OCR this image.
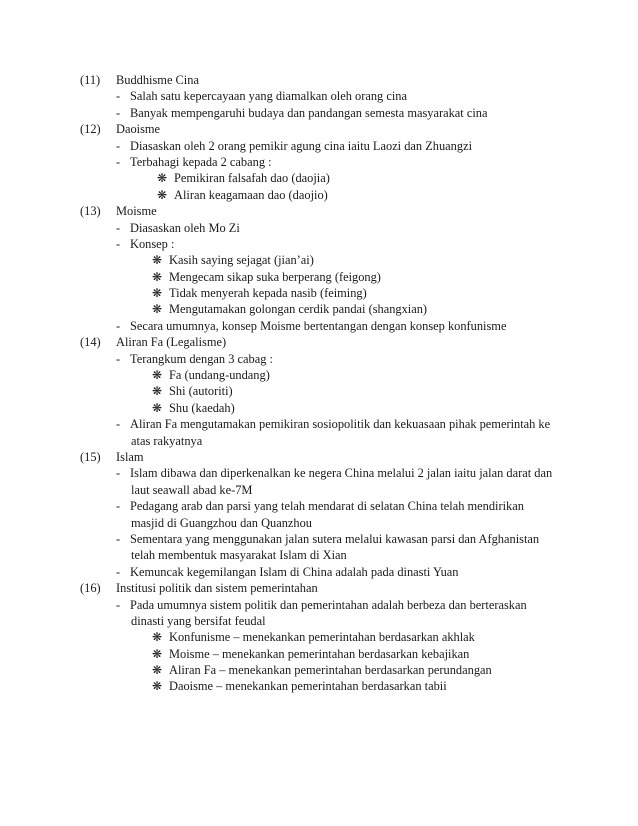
(11) Buddhisme Cina
- Salah satu kepercayaan yang diamalkan oleh orang cina
- Banyak mempengaruhi budaya dan pandangan semesta masyarakat cina
(12) Daoisme
- Diasaskan oleh 2 orang pemikir agung cina iaitu Laozi dan Zhuangzi
- Terbahagi kepada 2 cabang :
❋ Pemikiran falsafah dao (daojia)
❋ Aliran keagamaan dao (daojio)
(13) Moisme
- Diasaskan oleh Mo Zi
- Konsep :
❋ Kasih saying sejagat (jian’ai)
❋ Mengecam sikap suka berperang (feigong)
❋ Tidak menyerah kepada nasib (feiming)
❋ Mengutamakan golongan cerdik pandai (shangxian)
- Secara umumnya, konsep Moisme bertentangan dengan konsep konfunisme
(14) Aliran Fa (Legalisme)
- Terangkum dengan 3 cabag :
❋ Fa (undang-undang)
❋ Shi (autoriti)
❋ Shu (kaedah)
- Aliran Fa mengutamakan pemikiran sosiopolitik dan kekuasaan pihak pemerintah ke
atas rakyatnya
(15) Islam
- Islam dibawa dan diperkenalkan ke negera China melalui 2 jalan iaitu jalan darat dan
laut seawall abad ke-7M
- Pedagang arab dan parsi yang telah mendarat di selatan China telah mendirikan
masjid di Guangzhou dan Quanzhou
- Sementara yang menggunakan jalan sutera melalui kawasan parsi dan Afghanistan
telah membentuk masyarakat Islam di Xian
- Kemuncak kegemilangan Islam di China adalah pada dinasti Yuan
(16) Institusi politik dan sistem pemerintahan
- Pada umumnya sistem politik dan pemerintahan adalah berbeza dan berteraskan
dinasti yang bersifat feudal
❋ Konfunisme – menekankan pemerintahan berdasarkan akhlak
❋ Moisme – menekankan pemerintahan berdasarkan kebajikan
❋ Aliran Fa – menekankan pemerintahan berdasarkan perundangan
❋ Daoisme – menekankan pemerintahan berdasarkan tabii
